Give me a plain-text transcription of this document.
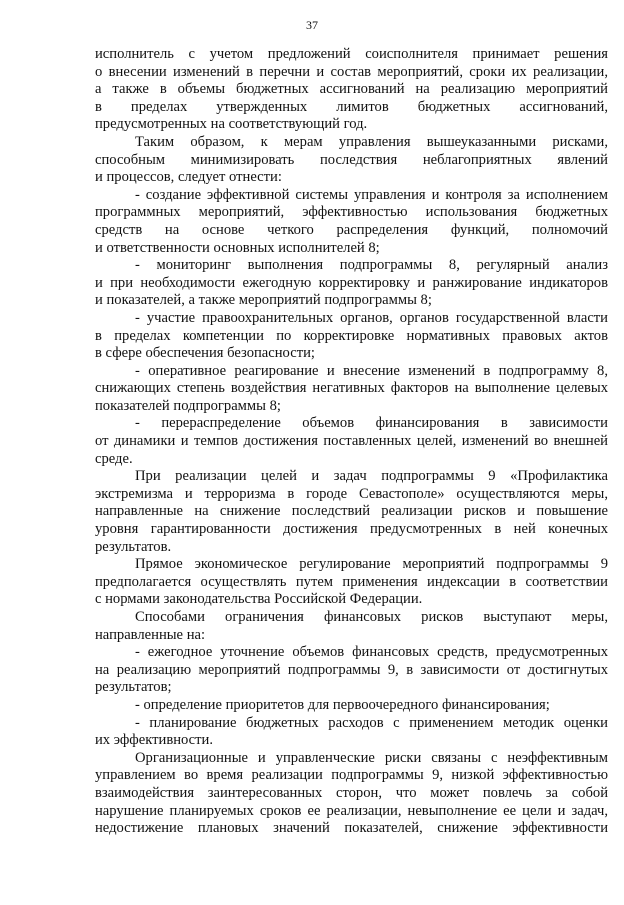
37
исполнитель с учетом предложений соисполнителя принимает решения
о внесении изменений в перечни и состав мероприятий, сроки их реализации,
а также в объемы бюджетных ассигнований на реализацию мероприятий
в пределах утвержденных лимитов бюджетных ассигнований,
предусмотренных на соответствующий год.
Таким образом, к мерам управления вышеуказанными рисками,
способным минимизировать последствия неблагоприятных явлений
и процессов, следует отнести:
- создание эффективной системы управления и контроля за исполнением
программных мероприятий, эффективностью использования бюджетных
средств на основе четкого распределения функций, полномочий
и ответственности основных исполнителей 8;
- мониторинг выполнения подпрограммы 8, регулярный анализ
и при необходимости ежегодную корректировку и ранжирование индикаторов
и показателей, а также мероприятий подпрограммы 8;
- участие правоохранительных органов, органов государственной власти
в пределах компетенции по корректировке нормативных правовых актов
в сфере обеспечения безопасности;
- оперативное реагирование и внесение изменений в подпрограмму 8,
снижающих степень воздействия негативных факторов на выполнение целевых
показателей подпрограммы 8;
- перераспределение объемов финансирования в зависимости
от динамики и темпов достижения поставленных целей, изменений во внешней
среде.
При реализации целей и задач подпрограммы 9 «Профилактика
экстремизма и терроризма в городе Севастополе» осуществляются меры,
направленные на снижение последствий реализации рисков и повышение
уровня гарантированности достижения предусмотренных в ней конечных
результатов.
Прямое экономическое регулирование мероприятий подпрограммы 9
предполагается осуществлять путем применения индексации в соответствии
с нормами законодательства Российской Федерации.
Способами ограничения финансовых рисков выступают меры,
направленные на:
- ежегодное уточнение объемов финансовых средств, предусмотренных
на реализацию мероприятий подпрограммы 9, в зависимости от достигнутых
результатов;
- определение приоритетов для первоочередного финансирования;
- планирование бюджетных расходов с применением методик оценки
их эффективности.
Организационные и управленческие риски связаны с неэффективным
управлением во время реализации подпрограммы 9, низкой эффективностью
взаимодействия заинтересованных сторон, что может повлечь за собой
нарушение планируемых сроков ее реализации, невыполнение ее цели и задач,
недостижение плановых значений показателей, снижение эффективности
